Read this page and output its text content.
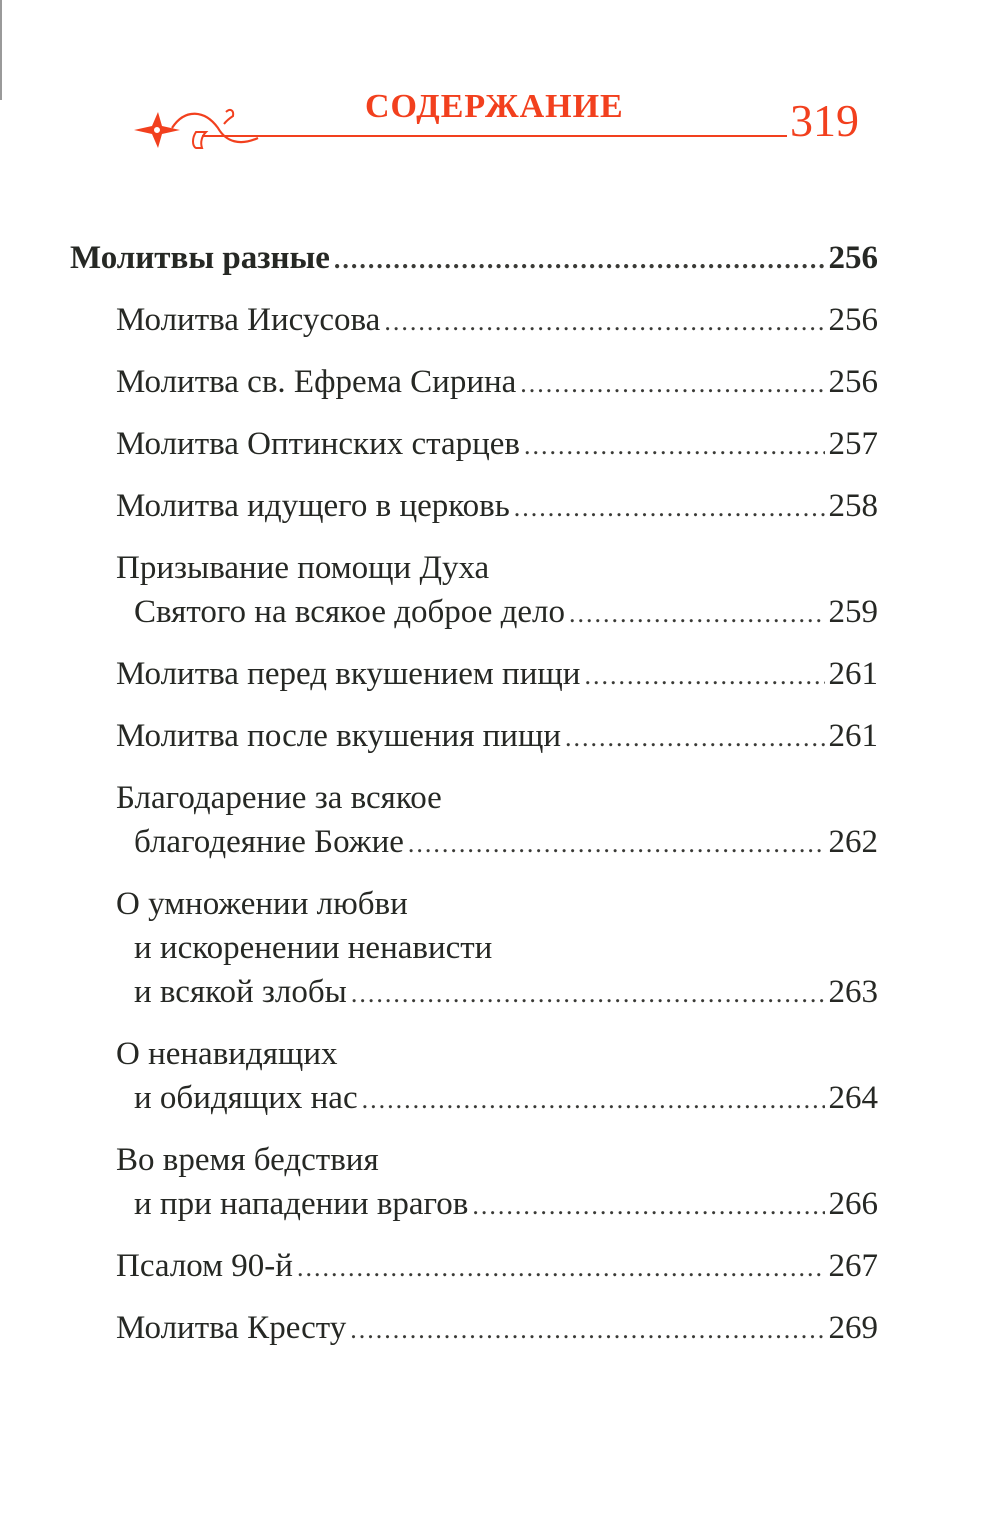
СОДЕРЖАНИЕ	319
Молитвы разные .....	256
Молитва Иисусова .....	256
Молитва св. Ефрема Сирина .....	256
Молитва Оптинских старцев .....	257
Молитва идущего в церковь .....	258
Призывание помощи Духа
Святого на всякое доброе дело .....	259
Молитва перед вкушением пищи .....	261
Молитва после вкушения пищи .....	261
Благодарение за всякое
благодеяние Божие .....	262
О умножении любви
и искоренении ненависти
и всякой злобы .....	263
О ненавидящих
и обидящих нас .....	264
Во время бедствия
и при нападении врагов .....	266
Псалом 90-й .....	267
Молитва Кресту .....	269
